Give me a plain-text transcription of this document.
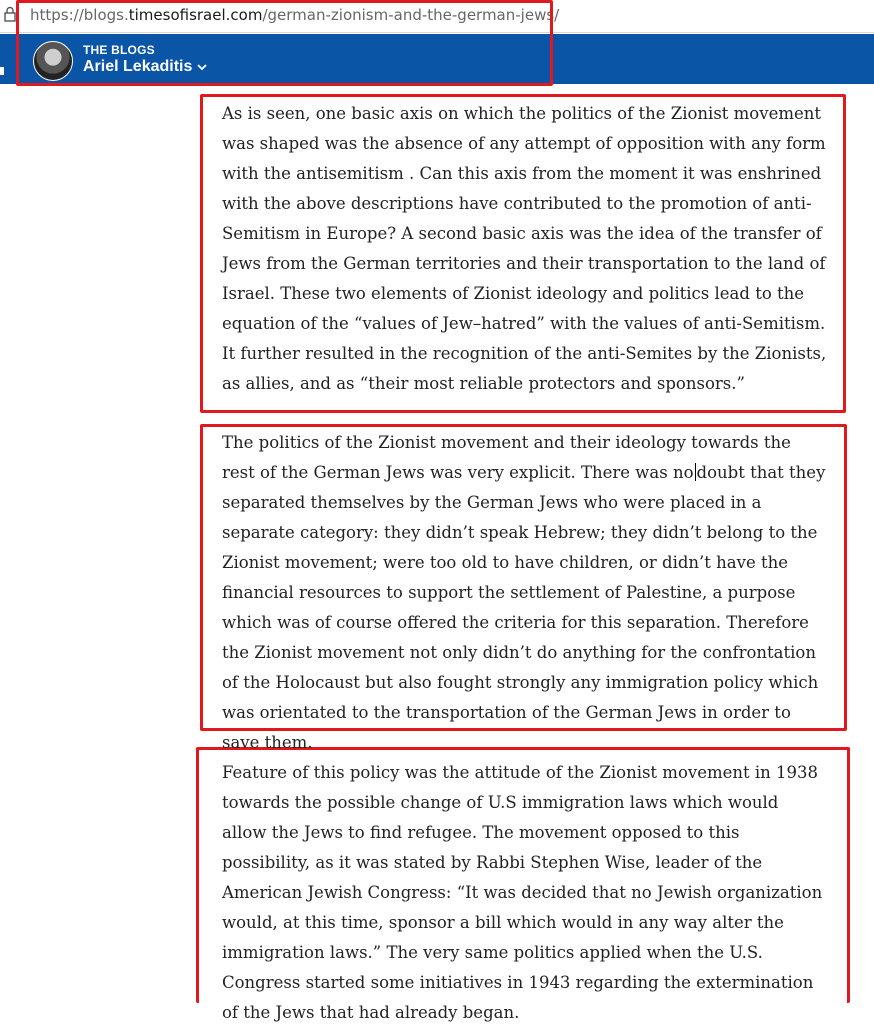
https://blogs.timesofisrael.com/german-zionism-and-the-german-jews/
THE BLOGS
Ariel Lekaditis

As is seen, one basic axis on which the politics of the Zionist movement was shaped was the absence of any attempt of opposition with any form with the antisemitism . Can this axis from the moment it was enshrined with the above descriptions have contributed to the promotion of anti-Semitism in Europe? A second basic axis was the idea of the transfer of Jews from the German territories and their transportation to the land of Israel. These two elements of Zionist ideology and politics lead to the equation of the “values of Jew–hatred” with the values of anti-Semitism. It further resulted in the recognition of the anti-Semites by the Zionists, as allies, and as “their most reliable protectors and sponsors.”

The politics of the Zionist movement and their ideology towards the rest of the German Jews was very explicit. There was no doubt that they separated themselves by the German Jews who were placed in a separate category: they didn’t speak Hebrew; they didn’t belong to the Zionist movement; were too old to have children, or didn’t have the financial resources to support the settlement of Palestine, a purpose which was of course offered the criteria for this separation. Therefore the Zionist movement not only didn’t do anything for the confrontation of the Holocaust but also fought strongly any immigration policy which was orientated to the transportation of the German Jews in order to save them.

Feature of this policy was the attitude of the Zionist movement in 1938 towards the possible change of U.S immigration laws which would allow the Jews to find refugee. The movement opposed to this possibility, as it was stated by Rabbi Stephen Wise, leader of the American Jewish Congress: “It was decided that no Jewish organization would, at this time, sponsor a bill which would in any way alter the immigration laws.” The very same politics applied when the U.S. Congress started some initiatives in 1943 regarding the extermination of the Jews that had already began.
